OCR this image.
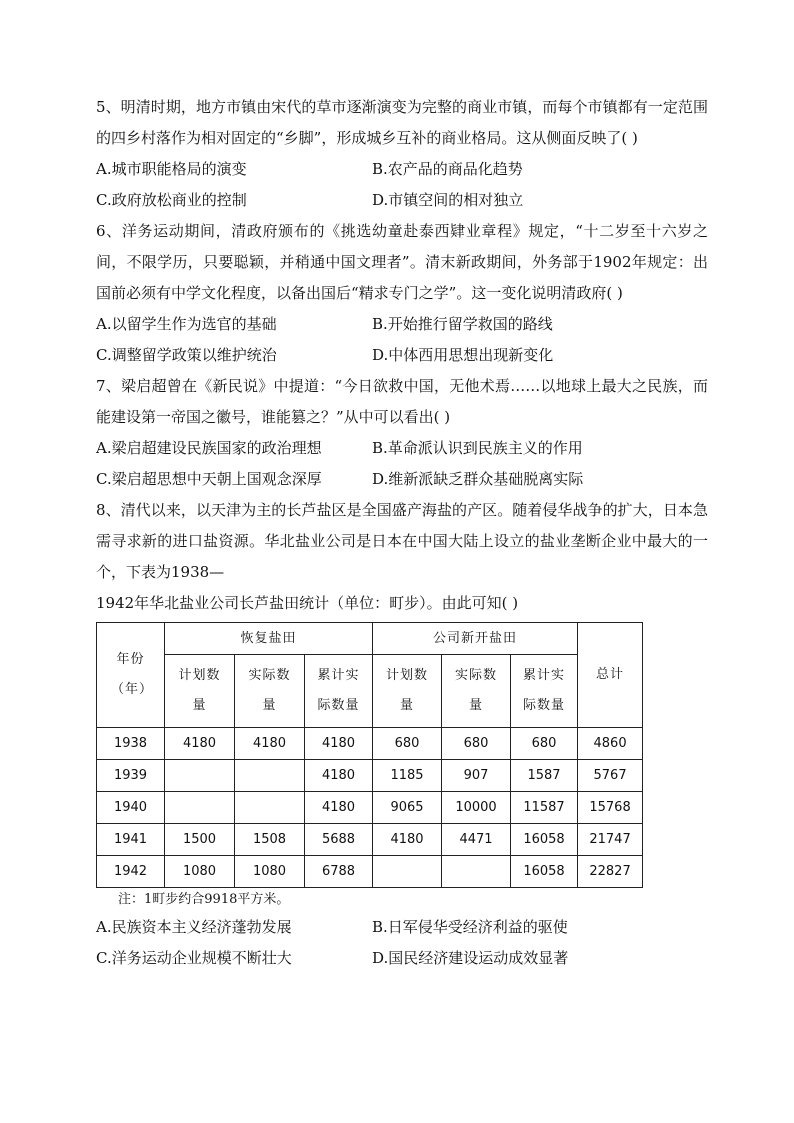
5、明清时期，地方市镇由宋代的草市逐渐演变为完整的商业市镇，而每个市镇都有一定范围的四乡村落作为相对固定的“乡脚”，形成城乡互补的商业格局。这从侧面反映了( )

A.城市职能格局的演变	B.农产品的商品化趋势
C.政府放松商业的控制	D.市镇空间的相对独立

6、洋务运动期间，清政府颁布的《挑选幼童赴泰西肄业章程》规定，“十二岁至十六岁之间，不限学历，只要聪颖，并稍通中国文理者”。清末新政期间，外务部于1902年规定：出国前必须有中学文化程度，以备出国后“精求专门之学”。这一变化说明清政府( )

A.以留学生作为选官的基础	B.开始推行留学救国的路线
C.调整留学政策以维护统治	D.中体西用思想出现新变化

7、梁启超曾在《新民说》中提道：“今日欲救中国，无他术焉……以地球上最大之民族，而能建设第一帝国之徽号，谁能篡之？”从中可以看出( )

A.梁启超建设民族国家的政治理想	B.革命派认识到民族主义的作用
C.梁启超思想中天朝上国观念深厚	D.维新派缺乏群众基础脱离实际

8、清代以来，以天津为主的长芦盐区是全国盛产海盐的产区。随着侵华战争的扩大，日本急需寻求新的进口盐资源。华北盐业公司是日本在中国大陆上设立的盐业垄断企业中最大的一个，下表为1938—

1942年华北盐业公司长芦盐田统计（单位：町步）。由此可知( )

年份（年）	恢复盐田			公司新开盐田			总计
	计划数量	实际数量	累计实际数量	计划数量	实际数量	累计实际数量	
1938	4180	4180	4180	680	680	680	4860
1939			4180	1185	907	1587	5767
1940			4180	9065	10000	11587	15768
1941	1500	1508	5688	4180	4471	16058	21747
1942	1080	1080	6788			16058	22827

注：1町步约合9918平方米。

A.民族资本主义经济蓬勃发展	B.日军侵华受经济利益的驱使
C.洋务运动企业规模不断壮大	D.国民经济建设运动成效显著
